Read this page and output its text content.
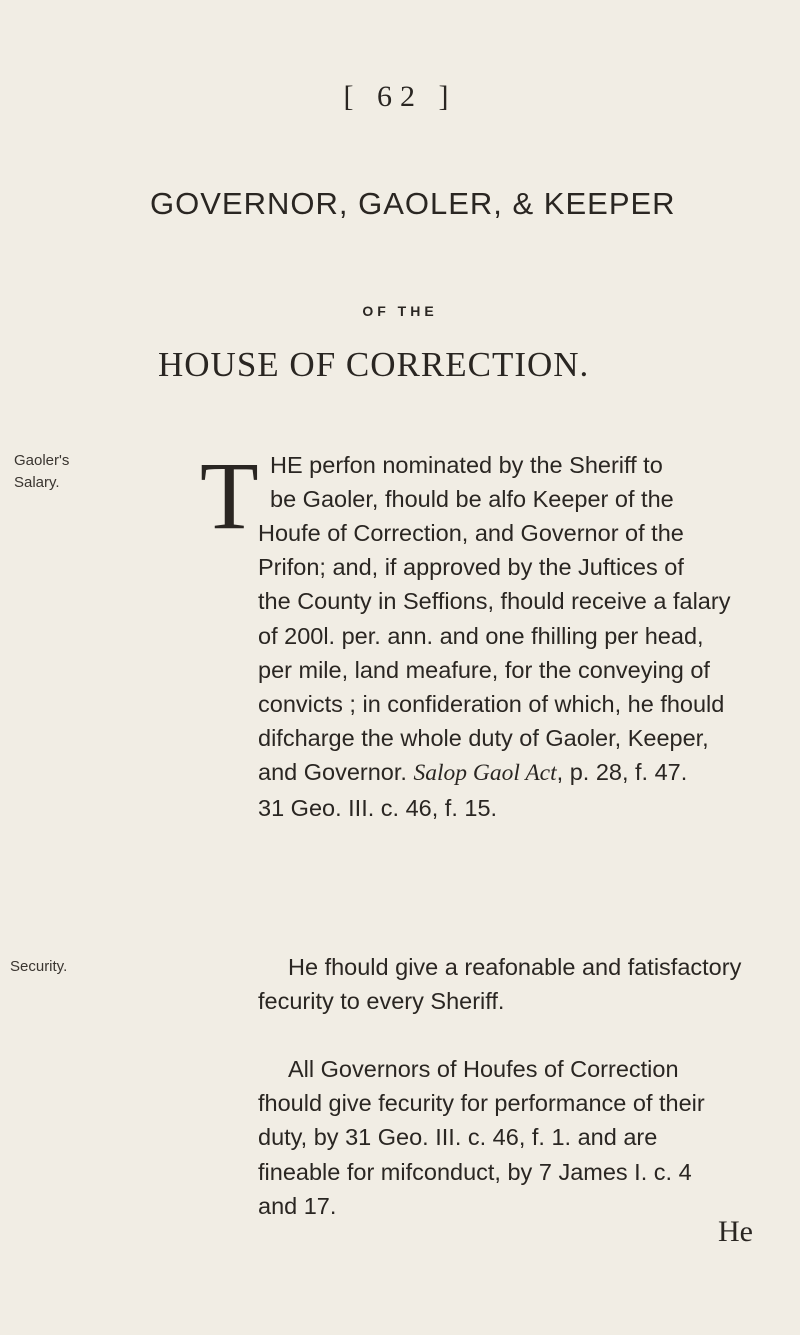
[ 62 ]
GOVERNOR, GAOLER, & KEEPER
OF THE
HOUSE OF CORRECTION.
Gaoler's
Salary.
Security.
T HE perfon nominated by the Sheriff to
be Gaoler, fhould be alfo Keeper of the
Houfe of Correction, and Governor of the
Prifon; and, if approved by the Juftices of
the County in Seffions, fhould receive a falary
of 200l. per. ann. and one fhilling per head,
per mile, land meafure, for the conveying of
convicts ; in confideration of which, he fhould
difcharge the whole duty of Gaoler, Keeper,
and Governor. Salop Gaol Act, p. 28, f. 47.
31 Geo. III. c. 46, f. 15.
He fhould give a reafonable and fatisfactory
fecurity to every Sheriff.
All Governors of Houfes of Correction
fhould give fecurity for performance of their
duty, by 31 Geo. III. c. 46, f. 1. and are
fineable for mifconduct, by 7 James I. c. 4
and 17.
He
